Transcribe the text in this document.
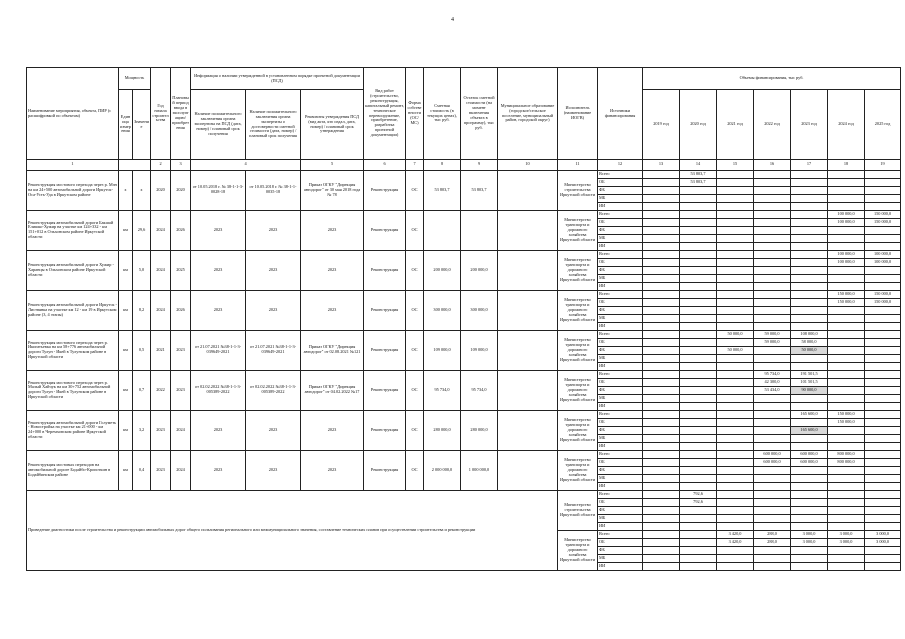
4
Наименование мероприятия, объекта, ПИР (с расшифровкой по объектам)	Мощность		Год начала строительства	Плановый период ввода в эксплуатацию/приобретения	Информация о наличии утвержденной в установленном порядке проектной документации (ПСД)			Вид работ (строительство, реконструкция, капитальный ремонт, техническое перевооружение, приобретение, разработка проектной документации)	Форма собственности (ОС/ МС)	Сметная стоимость (в текущих ценах), тыс руб.	Остаток сметной стоимости (на момент включения объекта в программу), тыс руб.	Муниципальное образование (городское/сельское поселение, муниципальный район, городской округ)	Исполнитель (наименование ИОГВ)	Источники финансирования	Объемы финансирования, тыс руб.							
	Единица измерения	Значение			Наличие положительного заключения органа экспертизы на ПСД (дата, номер) / плановый срок получения	Наличие положительного заключения органа экспертизы о достоверности сметной стоимости (дата, номер) / плановый срок получения	Реквизиты утверждения ПСД (вид акта, кто издал, дата, номер) / плановый срок утверждения								2019 год	2020 год	2021 год	2022 год	2023 год	2024 год	2025 год	
1			2	3	4		5	6	7	8	9	10	11	12	13	14	15	16	17	18	19	
Реконструкция мостового перехода через р. Мэн на км 24+500 автомобильной дороги Иркутск-Оса-Усть-Уда в Иркутском районе	х	х	2020	2020	от 10.05.2018 г. № 38-1-1-3-0028-18	от 10.05.2018 г. № 38-1-1-0035-18	Приказ ОГКУ "Дирекция автодорог" от 30 мая 2018 года № 78	Реконструкция	ОС	53 803,7	53 803,7		Министерство строительства Иркутской области	Всего		53 803,7						
														ОБ		53 803,7						
														ФБ								
														МБ								
														ИИ								
Реконструкция автомобильной дороги Бакшай Елишко-Хужир на участке км 124+332 - км 151+012 в Ольхонском районе Иркутской области	км	29,6	2024	2026	2023	2023	2023	Реконструкция	ОС				Министерство транспорта и дорожного хозяйства Иркутской области	Всего						100 000,0	150 000,0	
														ОБ						100 000,0	150 000,0	
														ФБ								
														МБ								
														ИИ								
Реконструкция автомобильной дороги Хужир - Харанцы в Ольхонском районе Иркутской области	км	5,0	2024	2025	2023	2023	2023	Реконструкция	ОС	200 000,0	200 000,0		Министерство транспорта и дорожного хозяйства Иркутской области	Всего						100 000,0	100 000,0	
														ОБ						100 000,0	100 000,0	
														ФБ								
														МБ								
														ИИ								
Реконструкция автомобильной дороги Иркутск - Листвянка на участке км 12 - км 19 в Иркутском районе (3, 4 этапы)	км	8,2	2024	2026	2023	2023	2023	Реконструкция	ОС	300 000,0	300 000,0		Министерство транспорта и дорожного хозяйства Иркутской области	Всего						150 000,0	150 000,0	
														ОБ						150 000,0	150 000,0	
														ФБ								
														МБ								
														ИИ								
Реконструкция мостового перехода через р. Икигатьевка на км 58+776 автомобильной дороги Тулун - Икей в Тулунском районе в Иркутской области	км	0,5	2021	2023	от 21.07.2021 №38-1-1-3-039649-2021	от 21.07.2021 №38-1-1-3-039649-2021	Приказ ОГКУ "Дирекция автодорог" от 02.08.2021 №121	Реконструкция	ОС	109 000,0	109 000,0		Министерство транспорта и дорожного хозяйства Иркутской области	Всего			50 000,0	59 000,0	108 000,0			
														ОБ				59 000,0	58 000,0			
														ФБ			50 000,0		50 000,0			
														МБ								
														ИИ								
Реконструкция мостового перехода через р. Малый Хайчук на км 30+752 автомобильной дороги Тулун - Икей в Тулунском районе в Иркутской области	км	0,7	2022	2023	от 02.02.2022 №38-1-1-3-005389-2022	от 02.02.2022 №38-1-1-3-005389-2022	Приказ ОГКУ "Дирекция автодорог" от 04.02.2022 №17	Реконструкция	ОС	95 734,0	95 734,0		Министерство транспорта и дорожного хозяйства Иркутской области	Всего				95 734,0	191 501,5			
														ОБ				42 300,0	101 501,5			
														ФБ				53 434,0	90 000,0			
														МБ								
														ИИ								
Реконструкция автомобильной дороги Голуметь - Новостройка на участке км 21+000 - км 24+000 в Черемховском районе Иркутской области	км	3,2	2023	2024	2023	2023	2023	Реконструкция	ОС	280 000,0	280 000,0		Министерство транспорта и дорожного хозяйства Иркутской области	Всего					165 600,0	150 000,0		
														ОБ						150 000,0		
														ФБ					165 600,0			
														МБ								
														ИИ								
Реконструкция мостовых переходов на автомобильной дороге Бодайбо-Кропоткин в Бодайбинском районе	км	0,4	2023	2024	2023	2023	2023	Реконструкция	ОС	2 000 000,0	1 000 000,0		Министерство транспорта и дорожного хозяйства Иркутской области	Всего				600 000,0	600 000,0	800 000,0		
														ОБ				600 000,0	600 000,0	800 000,0		
														ФБ								
														МБ								
														ИИ								
Проведение диагностики после строительства и реконструкции автомобильных дорог общего пользования регионального или межмуниципального значения, составление технических планов при осуществлении строительства и реконструкции													Министерство строительства Иркутской области	Всего		792,6						
														ОБ		792,6						
														ФБ								
														МБ								
														ИИ								
													Министерство транспорта и дорожного хозяйства Иркутской области	Всего			3 420,0	288,0	3 000,0	3 000,0	3 000,0	
														ОБ			3 420,0	288,0	3 000,0	3 000,0	3 000,0	
														ФБ								
														МБ								
														ИИ								
